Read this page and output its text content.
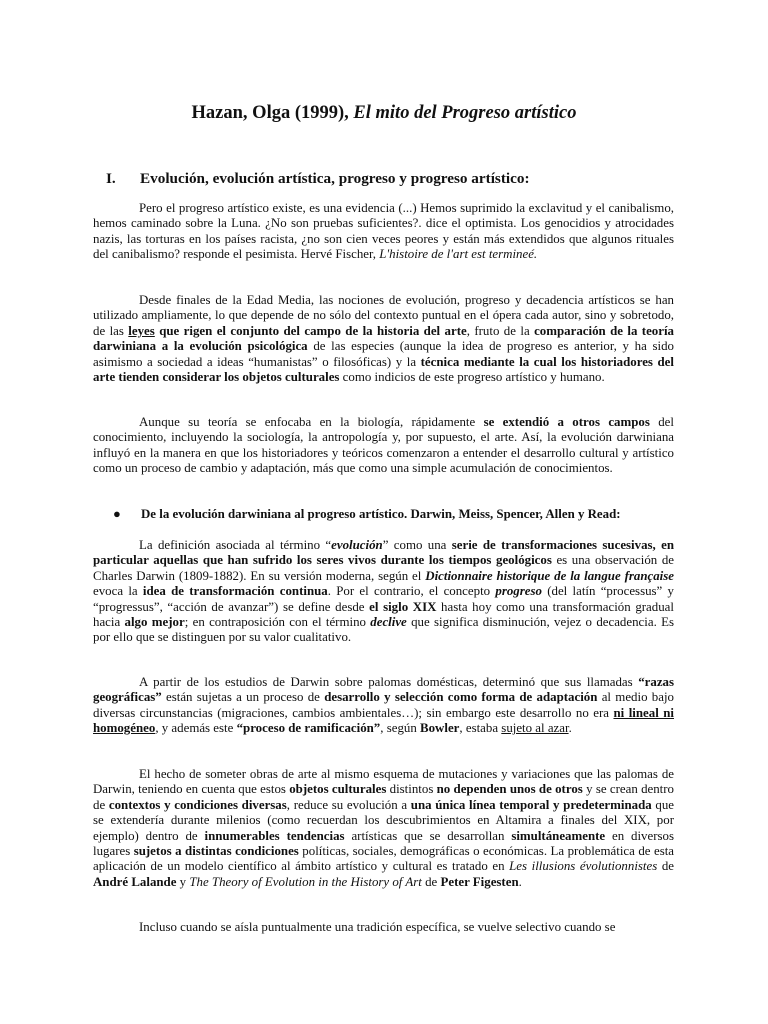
Hazan, Olga (1999), El mito del Progreso artístico
I. Evolución, evolución artística, progreso y progreso artístico:

Pero el progreso artístico existe, es una evidencia (...) Hemos suprimido la exclavitud y el canibalismo, hemos caminado sobre la Luna. ¿No son pruebas suficientes?. dice el optimista. Los genocidios y atrocidades nazis, las torturas en los países racista, ¿no son cien veces peores y están más extendidos que algunos rituales del canibalismo? responde el pesimista. Hervé Fischer, L'histoire de l'art est termineé.

Desde finales de la Edad Media, las nociones de evolución, progreso y decadencia artísticos se han utilizado ampliamente, lo que depende de no sólo del contexto puntual en el ópera cada autor, sino y sobretodo, de las leyes que rigen el conjunto del campo de la historia del arte, fruto de la comparación de la teoría darwiniana a la evolución psicológica de las especies (aunque la idea de progreso es anterior, y ha sido asimismo a sociedad a ideas “humanistas” o filosóficas) y la técnica mediante la cual los historiadores del arte tienden considerar los objetos culturales como indicios de este progreso artístico y humano.

Aunque su teoría se enfocaba en la biología, rápidamente se extendió a otros campos del conocimiento, incluyendo la sociología, la antropología y, por supuesto, el arte. Así, la evolución darwiniana influyó en la manera en que los historiadores y teóricos comenzaron a entender el desarrollo cultural y artístico como un proceso de cambio y adaptación, más que como una simple acumulación de conocimientos.

● De la evolución darwiniana al progreso artístico. Darwin, Meiss, Spencer, Allen y Read:

La definición asociada al término “evolución” como una serie de transformaciones sucesivas, en particular aquellas que han sufrido los seres vivos durante los tiempos geológicos es una observación de Charles Darwin (1809-1882). En su versión moderna, según el Dictionnaire historique de la langue française evoca la idea de transformación continua. Por el contrario, el concepto progreso (del latín “processus” y “progressus”, “acción de avanzar”) se define desde el siglo XIX hasta hoy como una transformación gradual hacia algo mejor; en contraposición con el término declive que significa disminución, vejez o decadencia. Es por ello que se distinguen por su valor cualitativo.

A partir de los estudios de Darwin sobre palomas domésticas, determinó que sus llamadas “razas geográficas” están sujetas a un proceso de desarrollo y selección como forma de adaptación al medio bajo diversas circunstancias (migraciones, cambios ambientales…); sin embargo este desarrollo no era ni lineal ni homogéneo, y además este “proceso de ramificación”, según Bowler, estaba sujeto al azar.

El hecho de someter obras de arte al mismo esquema de mutaciones y variaciones que las palomas de Darwin, teniendo en cuenta que estos objetos culturales distintos no dependen unos de otros y se crean dentro de contextos y condiciones diversas, reduce su evolución a una única línea temporal y predeterminada que se extendería durante milenios (como recuerdan los descubrimientos en Altamira a finales del XIX, por ejemplo) dentro de innumerables tendencias artísticas que se desarrollan simultáneamente en diversos lugares sujetos a distintas condiciones políticas, sociales, demográficas o económicas. La problemática de esta aplicación de un modelo científico al ámbito artístico y cultural es tratado en Les illusions évolutionnistes de André Lalande y The Theory of Evolution in the History of Art de Peter Figesten.

Incluso cuando se aísla puntualmente una tradición específica, se vuelve selectivo cuando se
